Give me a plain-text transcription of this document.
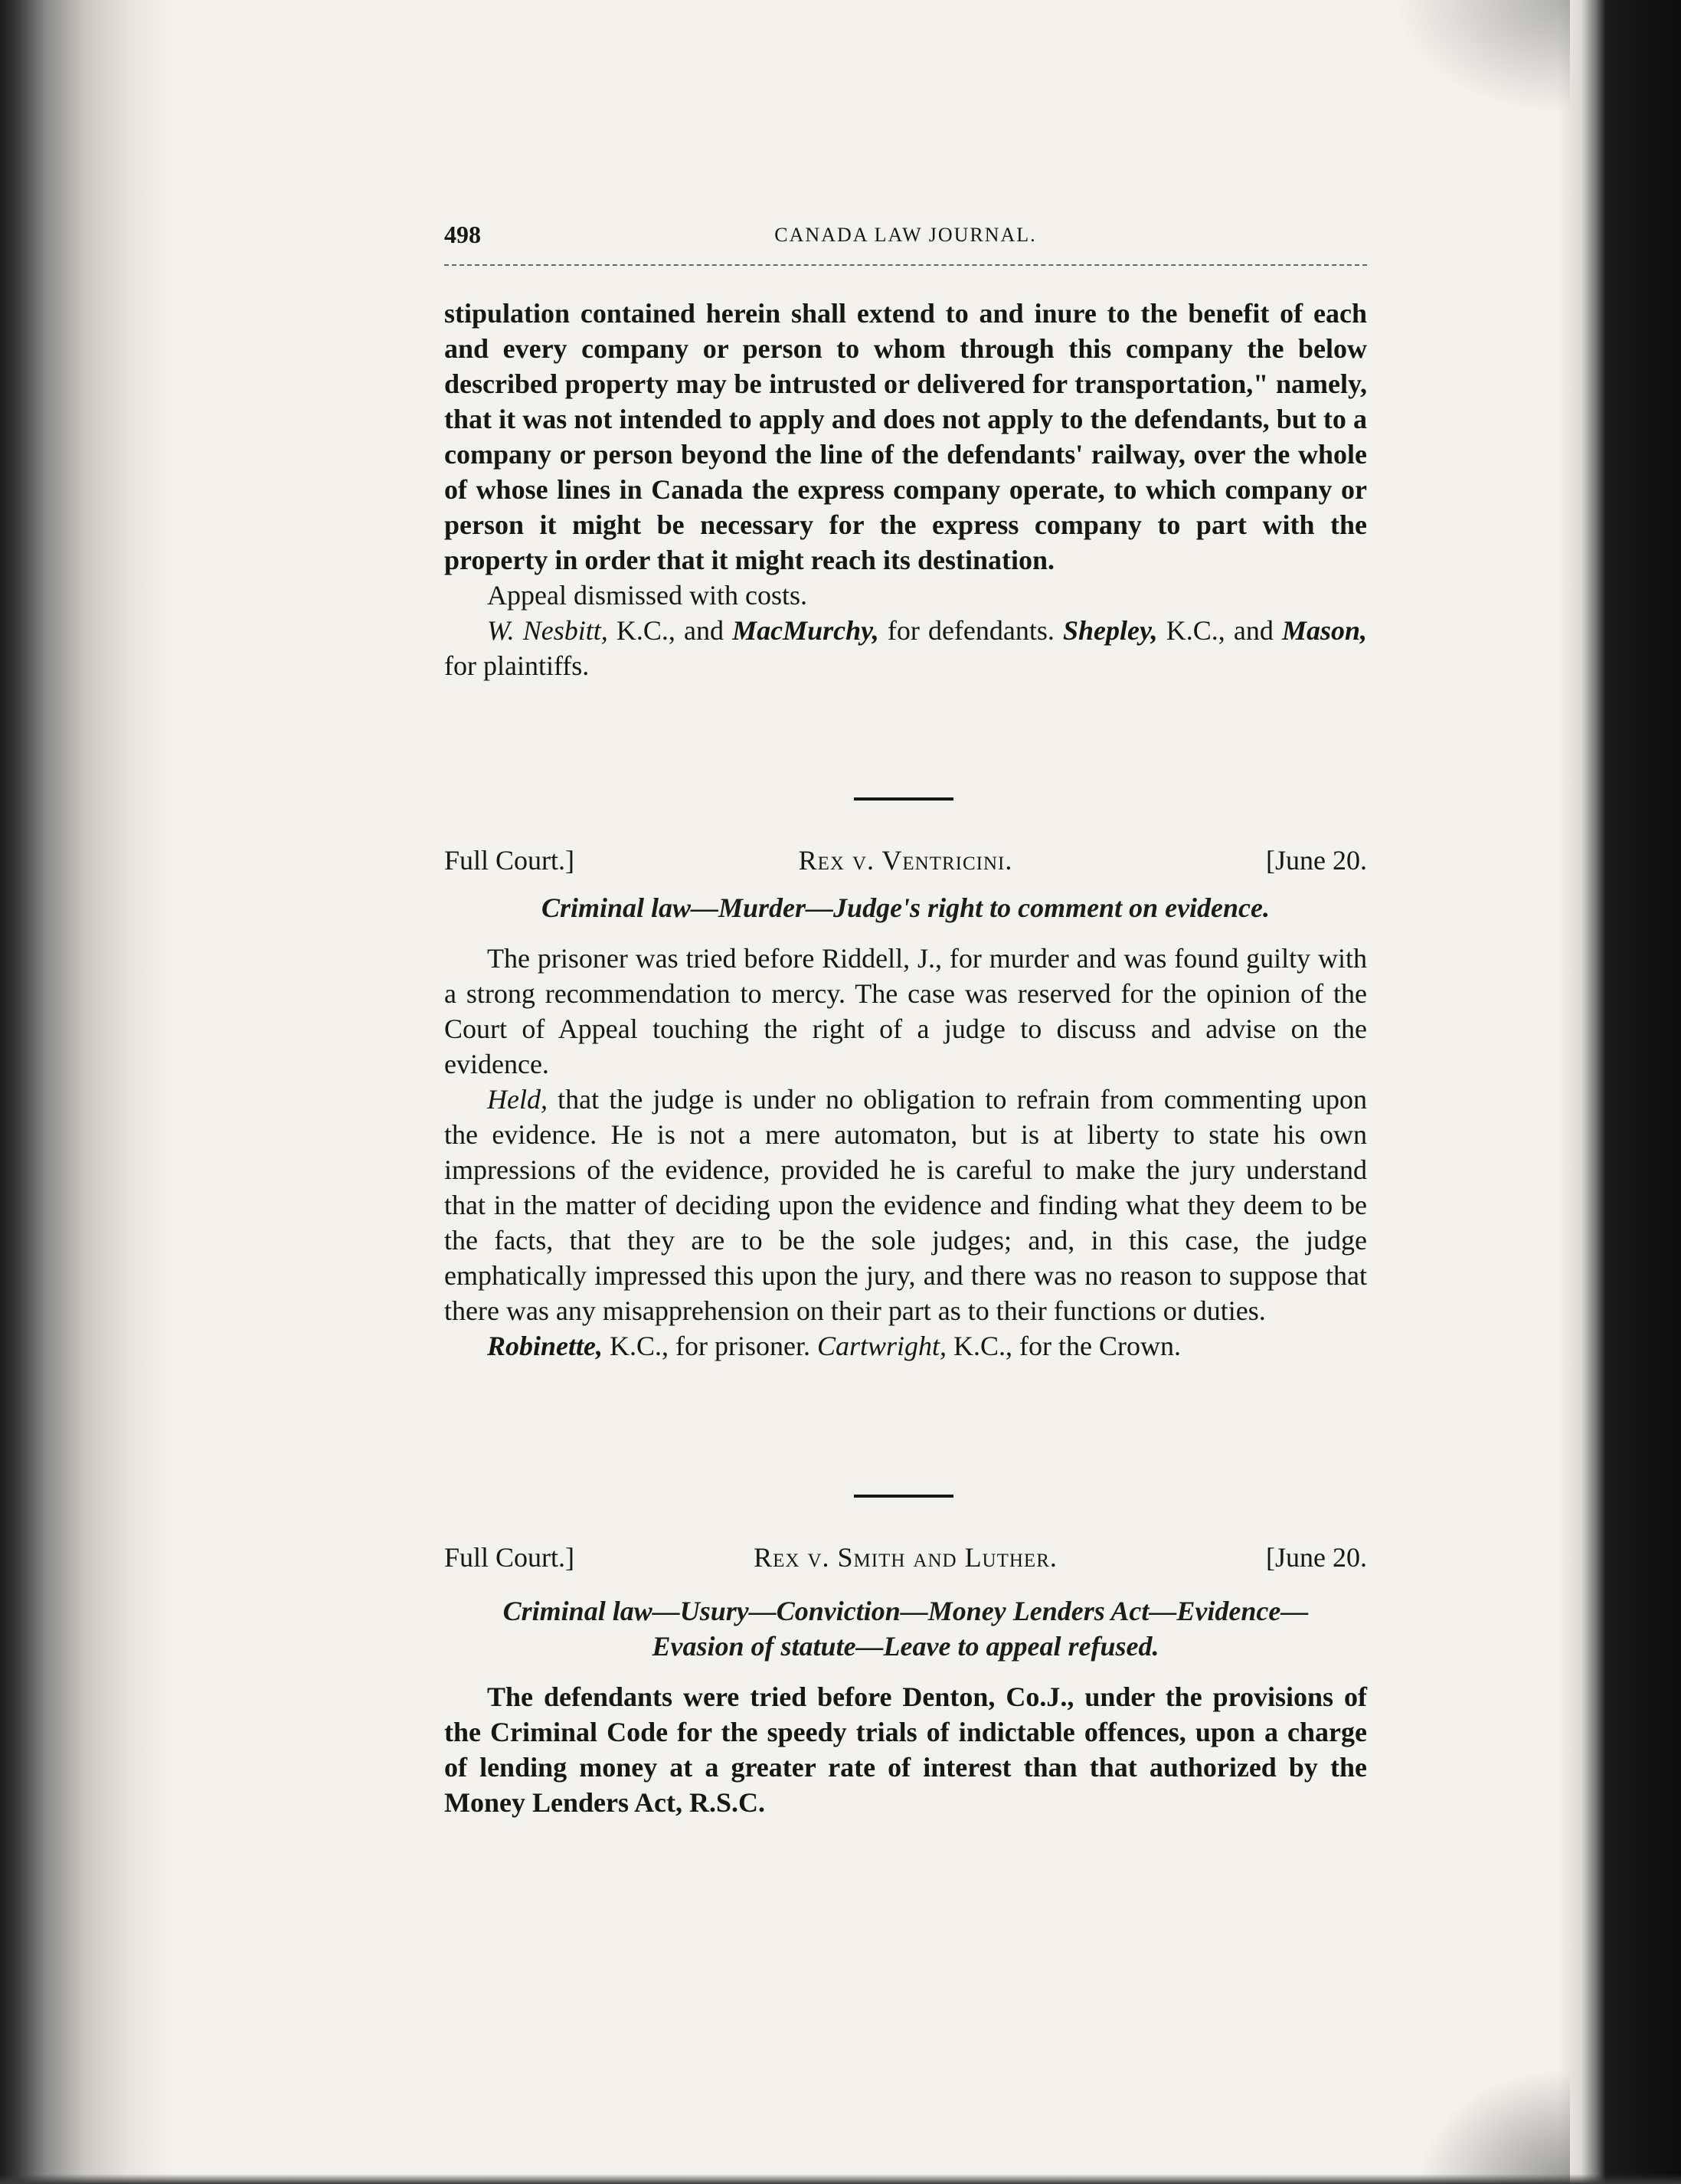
498	CANADA LAW JOURNAL.

stipulation contained herein shall extend to and inure to the benefit of each and every company or person to whom through this company the below described property may be intrusted or delivered for transportation," namely, that it was not intended to apply and does not apply to the defendants, but to a company or person beyond the line of the defendants' railway, over the whole of whose lines in Canada the express company operate, to which company or person it might be necessary for the express company to part with the property in order that it might reach its destination.

Appeal dismissed with costs.

W. Nesbitt, K.C., and MacMurchy, for defendants. Shepley, K.C., and Mason, for plaintiffs.

Full Court.]	Rex v. Ventricini.	[June 20.

Criminal law—Murder—Judge's right to comment on evidence.

The prisoner was tried before Riddell, J., for murder and was found guilty with a strong recommendation to mercy. The case was reserved for the opinion of the Court of Appeal touching the right of a judge to discuss and advise on the evidence.

Held, that the judge is under no obligation to refrain from commenting upon the evidence. He is not a mere automaton, but is at liberty to state his own impressions of the evidence, provided he is careful to make the jury understand that in the matter of deciding upon the evidence and finding what they deem to be the facts, that they are to be the sole judges; and, in this case, the judge emphatically impressed this upon the jury, and there was no reason to suppose that there was any misapprehension on their part as to their functions or duties.

Robinette, K.C., for prisoner. Cartwright, K.C., for the Crown.

Full Court.]	Rex v. Smith and Luther.	[June 20.

Criminal law—Usury—Conviction—Money Lenders Act—Evidence—Evasion of statute—Leave to appeal refused.

The defendants were tried before Denton, Co.J., under the provisions of the Criminal Code for the speedy trials of indictable offences, upon a charge of lending money at a greater rate of interest than that authorized by the Money Lenders Act, R.S.C.
